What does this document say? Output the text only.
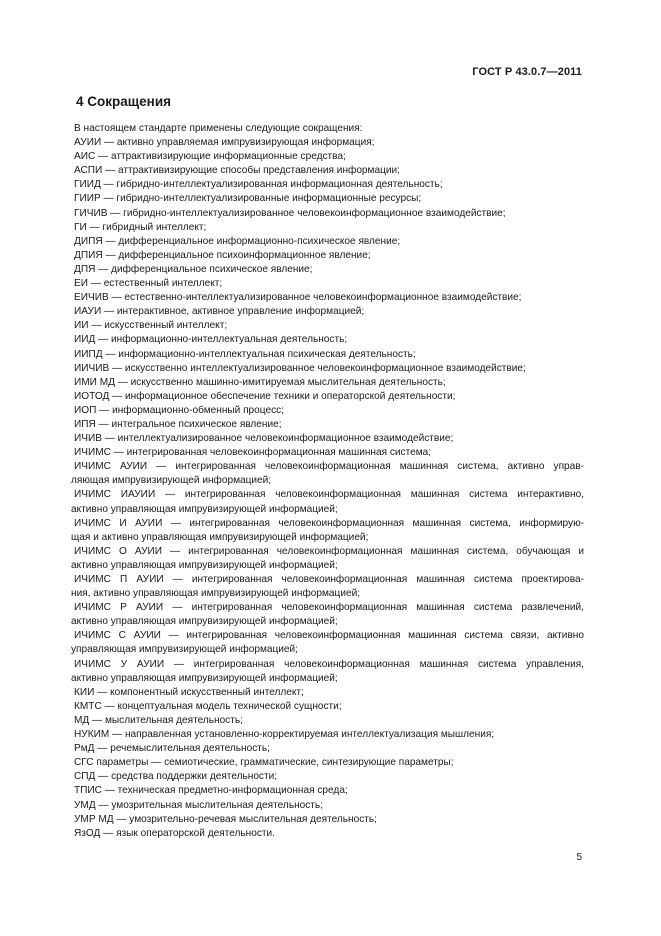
ГОСТ Р 43.0.7—2011
4 Сокращения
В настоящем стандарте применены следующие сокращения:
АУИИ — активно управляемая импрувизирующая информация;
АИС — аттрактивизирующие информационные средства;
АСПИ — аттрактивизирующие способы представления информации;
ГИИД — гибридно-интеллектуализированная информационная деятельность;
ГИИР — гибридно-интеллектуализированные информационные ресурсы;
ГИЧИВ — гибридно-интеллектуализированное человекоинформационное взаимодействие;
ГИ — гибридный интеллект;
ДИПЯ — дифференциальное информационно-психическое явление;
ДПИЯ — дифференциальное психоинформационное явление;
ДПЯ — дифференциальное психическое явление;
ЕИ — естественный интеллект;
ЕИЧИВ — естественно-интеллектуализированное человекоинформационное взаимодействие;
ИАУИ — интерактивное, активное управление информацией;
ИИ — искусственный интеллект;
ИИД — информационно-интеллектуальная деятельность;
ИИПД — информационно-интеллектуальная психическая деятельность;
ИИЧИВ — искусственно интеллектуализированное человекоинформационное взаимодействие;
ИМИ МД — искусственно машинно-имитируемая мыслительная деятельность;
ИОТОД — информационное обеспечение техники и операторской деятельности;
ИОП — информационно-обменный процесс;
ИПЯ — интегральное психическое явление;
ИЧИВ — интеллектуализированное человекоинформационное взаимодействие;
ИЧИМС — интегрированная человекоинформационная машинная система;
ИЧИМС АУИИ — интегрированная человекоинформационная машинная система, активно управ-
ляющая импрувизирующей информацией;
ИЧИМС ИАУИИ — интегрированная человекоинформационная машинная система интерактивно,
активно управляющая импрувизирующей информацией;
ИЧИМС И АУИИ — интегрированная человекоинформационная машинная система, информирую-
щая и активно управляющая импрувизирующей информацией;
ИЧИМС О АУИИ — интегрированная человекоинформационная машинная система, обучающая и
активно управляющая импрувизирующей информацией;
ИЧИМС П АУИИ — интегрированная человекоинформационная машинная система проектирова-
ния, активно управляющая импрувизирующей информацией;
ИЧИМС Р АУИИ — интегрированная человекоинформационная машинная система развлечений,
активно управляющая импрувизирующей информацией;
ИЧИМС С АУИИ — интегрированная человекоинформационная машинная система связи, активно
управляющая импрувизирующей информацией;
ИЧИМС У АУИИ — интегрированная человекоинформационная машинная система управления,
активно управляющая импрувизирующей информацией;
КИИ — компонентный искусственный интеллект;
КМТС — концептуальная модель технической сущности;
МД — мыслительная деятельность;
НУКИМ — направленная установленно-корректируемая интеллектуализация мышления;
РмД — речемыслительная деятельность;
СГС параметры — семиотические, грамматические, синтезирующие параметры;
СПД — средства поддержки деятельности;
ТПИС — техническая предметно-информационная среда;
УМД — умозрительная мыслительная деятельность;
УМР МД — умозрительно-речевая мыслительная деятельность;
ЯзОД — язык операторской деятельности.
5
